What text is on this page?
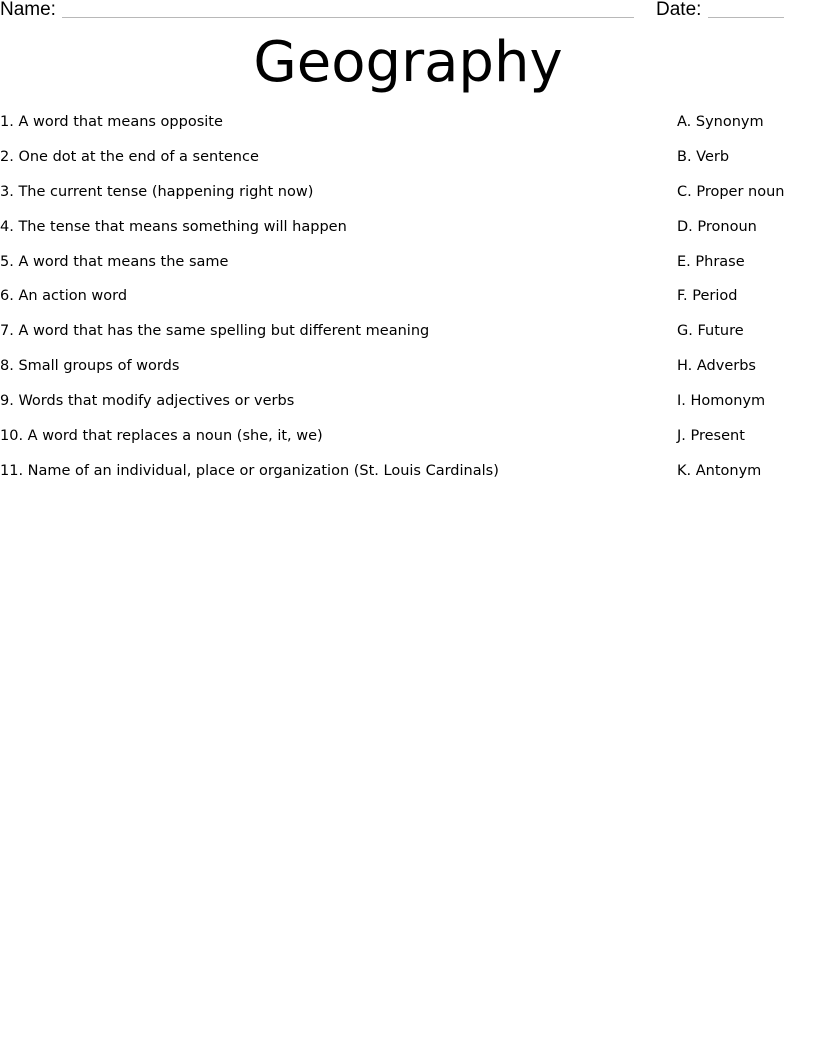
Name:	Date:
Geography
1. A word that means opposite
2. One dot at the end of a sentence
3. The current tense (happening right now)
4. The tense that means something will happen
5. A word that means the same
6. An action word
7. A word that has the same spelling but different meaning
8. Small groups of words
9. Words that modify adjectives or verbs
10. A word that replaces a noun (she, it, we)
11. Name of an individual, place or organization (St. Louis Cardinals)
A. Synonym
B. Verb
C. Proper noun
D. Pronoun
E. Phrase
F. Period
G. Future
H. Adverbs
I. Homonym
J. Present
K. Antonym
